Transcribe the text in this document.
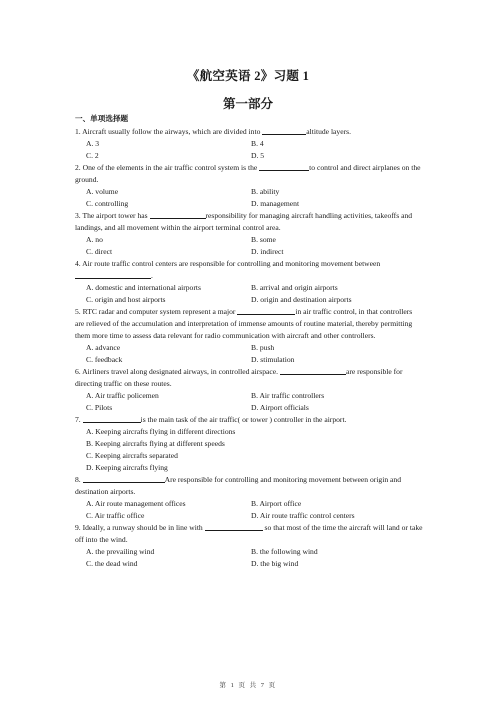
《航空英语 2》习题 1
第一部分
一、单项选择题
1. Aircraft usually follow the airways, which are divided into	altitude layers.
A. 3	B. 4
C. 2	D. 5
2. One of the elements in the air traffic control system is the	to control and direct airplanes on the ground.
A. volume	B. ability
C. controlling	D. management
3. The airport tower has	responsibility for managing aircraft handling activities, takeoffs and landings, and all movement within the airport terminal control area.
A. no	B. some
C. direct	D. indirect
4. Air route traffic control centers are responsible for controlling and monitoring movement between .
A. domestic and international airports	B. arrival and origin airports
C. origin and host airports	D. origin and destination airports
5. RTC radar and computer system represent a major	in air traffic control, in that controllers are relieved of the accumulation and interpretation of immense amounts of routine material, thereby permitting them more time to assess data relevant for radio communication with aircraft and other controllers.
A. advance	B. push
C. feedback	D. stimulation
6. Airliners travel along designated airways, in controlled airspace.	are responsible for directing traffic on these routes.
A. Air traffic policemen	B. Air traffic controllers
C. Pilots	D. Airport officials
7.	is the main task of the air traffic( or tower ) controller in the airport.
A. Keeping aircrafts flying in different directions
B. Keeping aircrafts flying at different speeds
C. Keeping aircrafts separated
D. Keeping aircrafts flying
8.	Are responsible for controlling and monitoring movement between origin and destination airports.
A. Air route management offices	B. Airport office
C. Air traffic office	D. Air route traffic control centers
9. Ideally, a runway should be in line with	so that most of the time the aircraft will land or take off into the wind.
A. the prevailing wind	B. the following wind
C. the dead wind	D. the big wind
第 1 页 共 7 页
